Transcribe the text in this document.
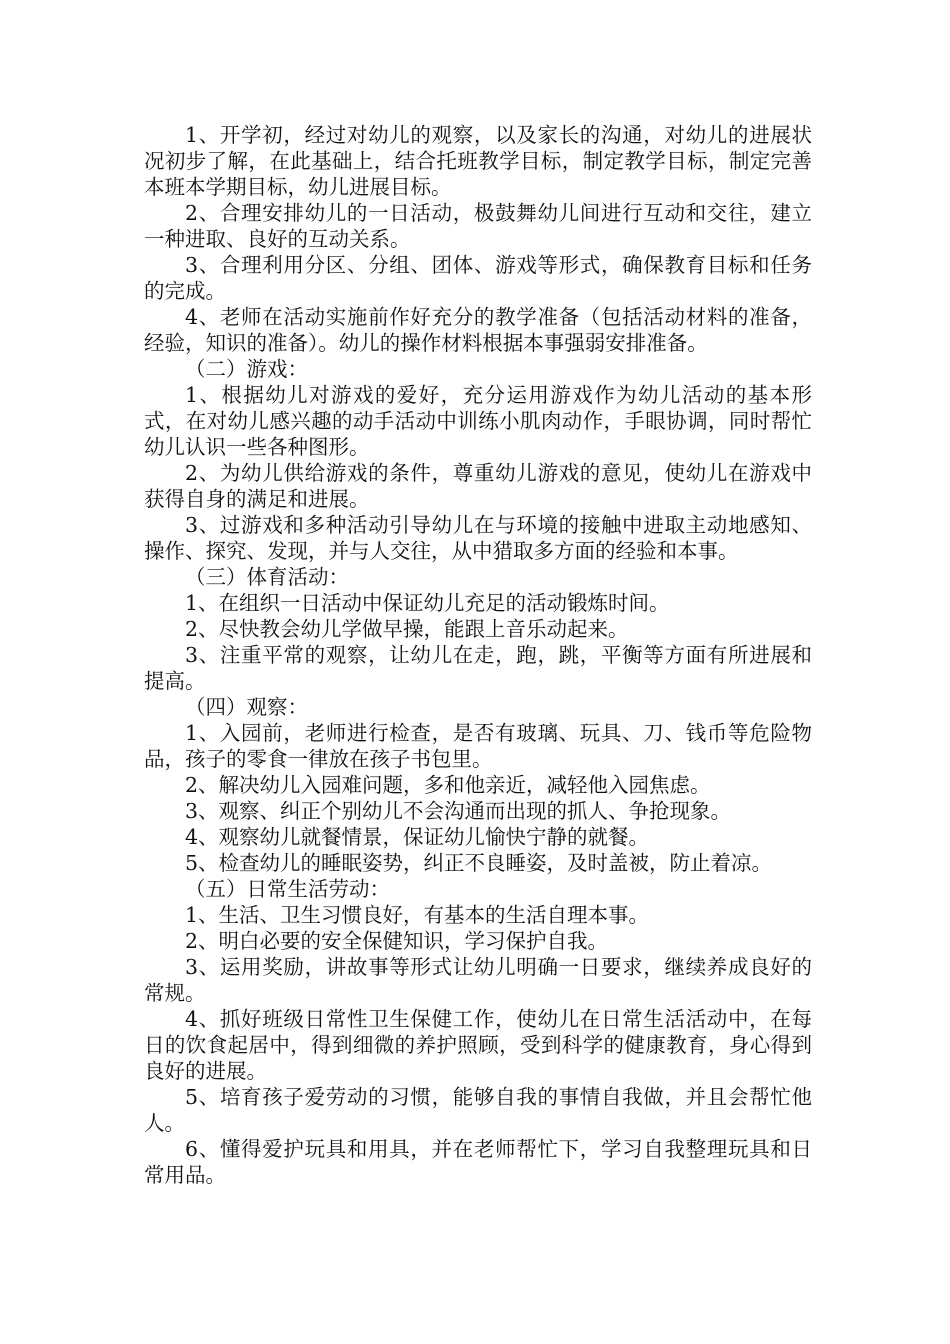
1、开学初，经过对幼儿的观察，以及家长的沟通，对幼儿的进展状况初步了解，在此基础上，结合托班教学目标，制定教学目标，制定完善本班本学期目标，幼儿进展目标。

2、合理安排幼儿的一日活动，极鼓舞幼儿间进行互动和交往，建立一种进取、良好的互动关系。

3、合理利用分区、分组、团体、游戏等形式，确保教育目标和任务的完成。

4、老师在活动实施前作好充分的教学准备（包括活动材料的准备，经验，知识的准备）。幼儿的操作材料根据本事强弱安排准备。

（二）游戏：

1、根据幼儿对游戏的爱好，充分运用游戏作为幼儿活动的基本形式，在对幼儿感兴趣的动手活动中训练小肌肉动作，手眼协调，同时帮忙幼儿认识一些各种图形。

2、为幼儿供给游戏的条件，尊重幼儿游戏的意见，使幼儿在游戏中获得自身的满足和进展。

3、过游戏和多种活动引导幼儿在与环境的接触中进取主动地感知、操作、探究、发现，并与人交往，从中猎取多方面的经验和本事。

（三）体育活动：

1、在组织一日活动中保证幼儿充足的活动锻炼时间。

2、尽快教会幼儿学做早操，能跟上音乐动起来。

3、注重平常的观察，让幼儿在走，跑，跳，平衡等方面有所进展和提高。

（四）观察：

1、入园前，老师进行检查，是否有玻璃、玩具、刀、钱币等危险物品，孩子的零食一律放在孩子书包里。

2、解决幼儿入园难问题，多和他亲近，减轻他入园焦虑。

3、观察、纠正个别幼儿不会沟通而出现的抓人、争抢现象。

4、观察幼儿就餐情景，保证幼儿愉快宁静的就餐。

5、检查幼儿的睡眠姿势，纠正不良睡姿，及时盖被，防止着凉。

（五）日常生活劳动：

1、生活、卫生习惯良好，有基本的生活自理本事。

2、明白必要的安全保健知识，学习保护自我。

3、运用奖励，讲故事等形式让幼儿明确一日要求，继续养成良好的常规。

4、抓好班级日常性卫生保健工作，使幼儿在日常生活活动中，在每日的饮食起居中，得到细微的养护照顾，受到科学的健康教育，身心得到良好的进展。

5、培育孩子爱劳动的习惯，能够自我的事情自我做，并且会帮忙他人。

6、懂得爱护玩具和用具，并在老师帮忙下，学习自我整理玩具和日常用品。
